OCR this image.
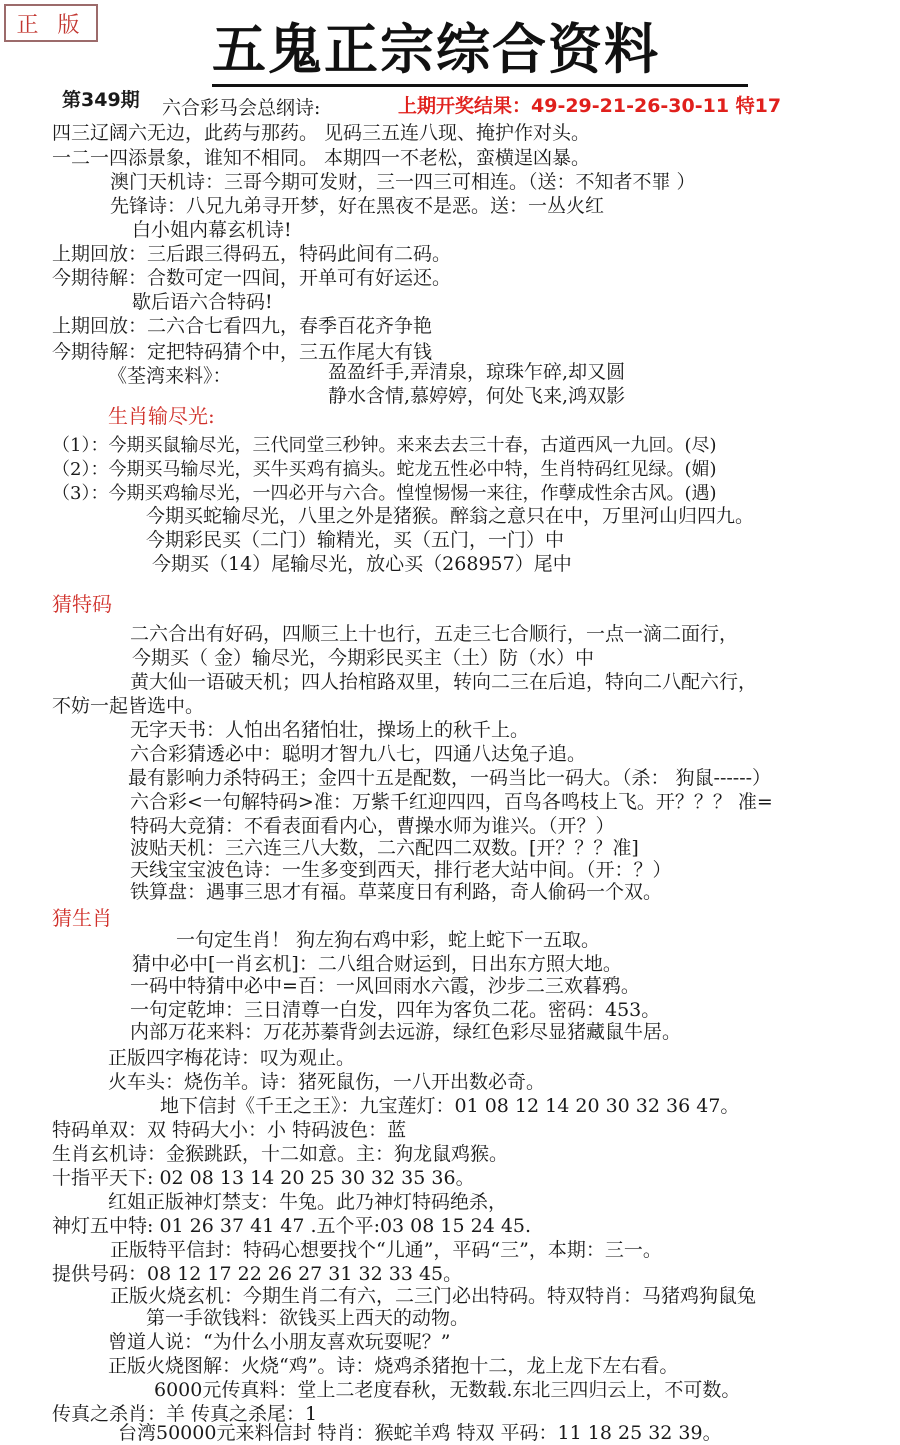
正 版 五鬼正宗综合资料
第349期 六合彩马会总纲诗:	上期开奖结果：49-29-21-26-30-11 特17
四三辽阔六无边，此药与那药。 见码三五连八现、掩护作对头。
一二一四添景象，谁知不相同。 本期四一不老松，蛮横逞凶暴。
澳门天机诗：三哥今期可发财，三一四三可相连。（送：不知者不罪 ）
先锋诗：八兄九弟寻开梦，好在黑夜不是恶。送：一丛火红
白小姐内幕玄机诗!
上期回放：三后跟三得码五，特码此间有二码。
今期待解：合数可定一四间，开单可有好运还。
歇后语六合特码!
上期回放：二六合七看四九，春季百花齐争艳
今期待解：定把特码猜个中，三五作尾大有钱
《荃湾来料》：	盈盈纤手,弄清泉，琼珠乍碎,却又圆
静水含情,慕婷婷，何处飞来,鸿双影
生肖输尽光:
（1）：今期买鼠输尽光，三代同堂三秒钟。来来去去三十春，古道西风一九回。(尽)
（2）：今期买马输尽光，买牛买鸡有搞头。蛇龙五性必中特，生肖特码红见绿。(媚)
（3）：今期买鸡输尽光，一四必开与六合。惶惶惕惕一来往，作孽成性余古风。(遇)
今期买蛇输尽光，八里之外是猪猴。醉翁之意只在中，万里河山归四九。
今期彩民买（二门）输精光，买（五门，一门）中
今期买（14）尾输尽光，放心买（268957）尾中
猜特码
二六合出有好码，四顺三上十也行，五走三七合顺行，一点一滴二面行，
今期买（ 金）输尽光，今期彩民买主（土）防（水）中
黄大仙一语破天机；四人抬棺路双里，转向二三在后追，特向二八配六行，
不妨一起皆选中。
无字天书：人怕出名猪怕壮，操场上的秋千上。
六合彩猜透必中：聪明才智九八七，四通八达兔子追。
最有影响力杀特码王；金四十五是配数，一码当比一码大。（杀： 狗鼠------）
六合彩<一句解特码>准：万紫千红迎四四，百鸟各鸣枝上飞。开？？？ 准=
特码大竞猜：不看表面看内心，曹操水师为谁兴。（开？）
波贴天机：三六连三八大数，二六配四二双数。[开？？？准]
天线宝宝波色诗：一生多变到西天，排行老大站中间。（开：？）
铁算盘：遇事三思才有福。草菜度日有利路，奇人偷码一个双。
猜生肖
一句定生肖！ 狗左狗右鸡中彩，蛇上蛇下一五取。
猜中必中[一肖玄机]：二八组合财运到，日出东方照大地。
一码中特猜中必中=百：一风回雨水六霞，沙步二三欢暮鸦。
一句定乾坤：三日清尊一白发，四年为客负二花。密码：453。
内部万花来料：万花苏蓁背剑去远游，绿红色彩尽显猪藏鼠牛居。
正版四字梅花诗：叹为观止。
火车头：烧伤羊。诗：猪死鼠伤，一八开出数必奇。
地下信封《千王之王》：九宝莲灯：01 08 12 14 20 30 32 36 47。
特码单双：双 特码大小：小 特码波色：蓝
生肖玄机诗：金猴跳跃，十二如意。主：狗龙鼠鸡猴。
十指平天下: 02 08 13 14 20 25 30 32 35 36。
红姐正版神灯禁支：牛兔。此乃神灯特码绝杀，
神灯五中特: 01 26 37 41 47 .五个平:03 08 15 24 45.
正版特平信封：特码心想要找个“儿通”，平码“三”，本期：三一。
提供号码：08 12 17 22 26 27 31 32 33 45。
正版火烧玄机：今期生肖二有六，二三门必出特码。特双特肖：马猪鸡狗鼠兔
第一手欲钱料：欲钱买上西天的动物。
曾道人说：“为什么小朋友喜欢玩耍呢？”
正版火烧图解：火烧“鸡”。诗：烧鸡杀猪抱十二，龙上龙下左右看。
6000元传真料：堂上二老度春秋，无数载.东北三四归云上，不可数。
传真之杀肖：羊 传真之杀尾：1
台湾50000元来料信封 特肖：猴蛇羊鸡 特双 平码：11 18 25 32 39。
